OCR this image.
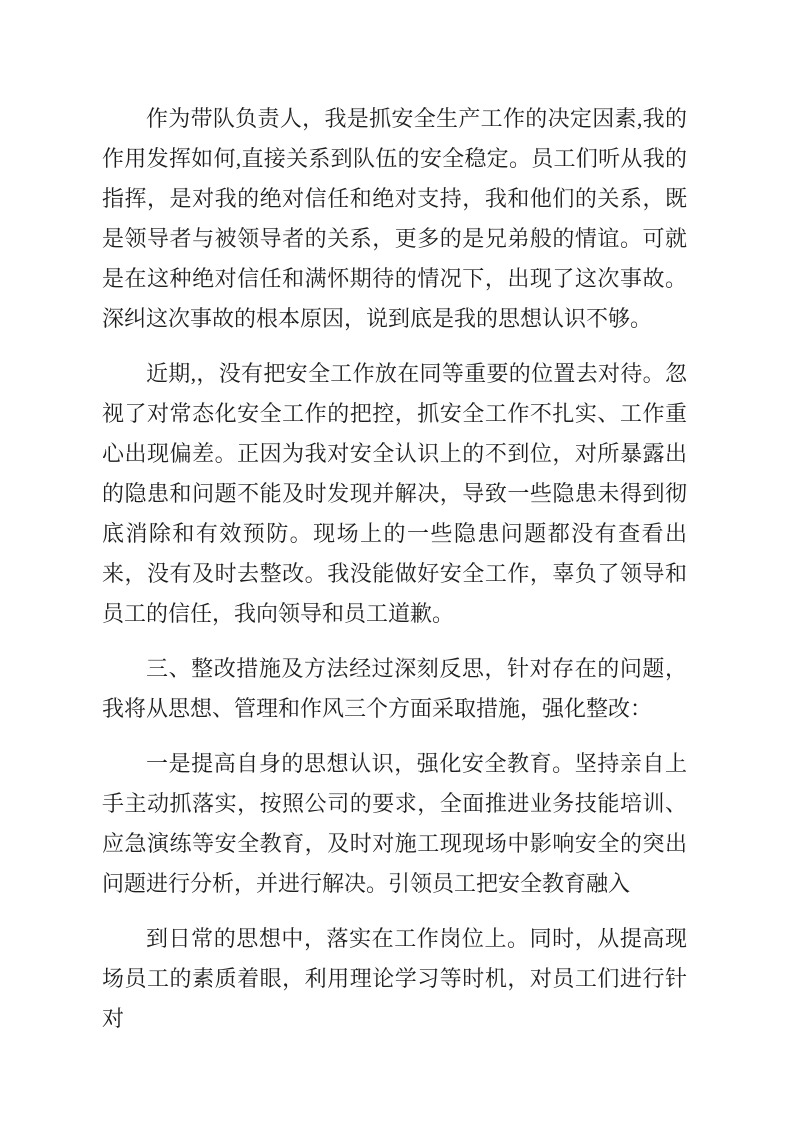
作为带队负责人，我是抓安全生产工作的决定因素,我的作用发挥如何,直接关系到队伍的安全稳定。员工们听从我的指挥，是对我的绝对信任和绝对支持，我和他们的关系，既是领导者与被领导者的关系，更多的是兄弟般的情谊。可就是在这种绝对信任和满怀期待的情况下，出现了这次事故。深纠这次事故的根本原因，说到底是我的思想认识不够。

近期,，没有把安全工作放在同等重要的位置去对待。忽视了对常态化安全工作的把控，抓安全工作不扎实、工作重心出现偏差。正因为我对安全认识上的不到位，对所暴露出的隐患和问题不能及时发现并解决，导致一些隐患未得到彻底消除和有效预防。现场上的一些隐患问题都没有查看出来，没有及时去整改。我没能做好安全工作，辜负了领导和员工的信任，我向领导和员工道歉。

三、整改措施及方法经过深刻反思，针对存在的问题，我将从思想、管理和作风三个方面采取措施，强化整改：

一是提高自身的思想认识，强化安全教育。坚持亲自上手主动抓落实，按照公司的要求，全面推进业务技能培训、应急演练等安全教育，及时对施工现现场中影响安全的突出问题进行分析，并进行解决。引领员工把安全教育融入

到日常的思想中，落实在工作岗位上。同时，从提高现场员工的素质着眼，利用理论学习等时机，对员工们进行针对
